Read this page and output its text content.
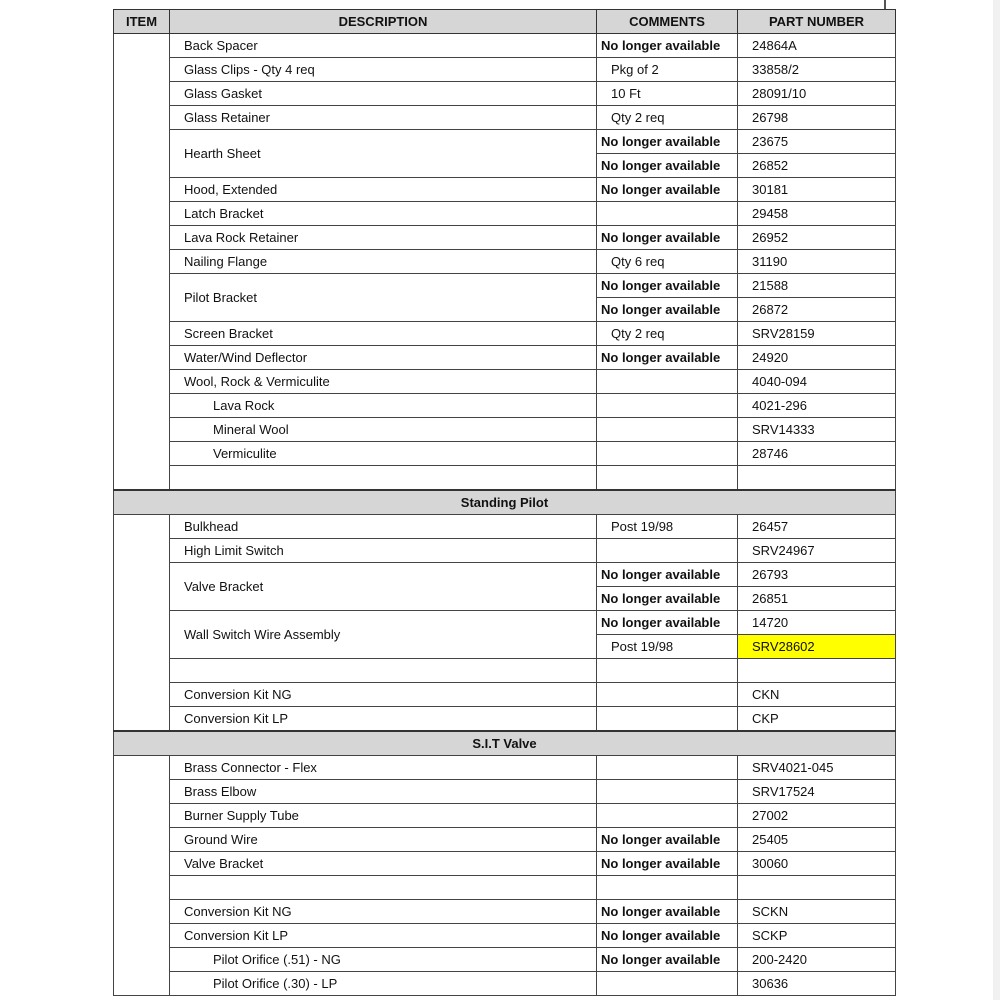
ITEM	DESCRIPTION	COMMENTS	PART NUMBER
	Back Spacer	No longer available	24864A
	Glass Clips - Qty 4 req	Pkg of 2	33858/2
	Glass Gasket	10 Ft	28091/10
	Glass Retainer	Qty 2 req	26798
	Hearth Sheet	No longer available	23675
		No longer available	26852
	Hood, Extended	No longer available	30181
	Latch Bracket		29458
	Lava Rock Retainer	No longer available	26952
	Nailing Flange	Qty 6 req	31190
	Pilot Bracket	No longer available	21588
		No longer available	26872
	Screen Bracket	Qty 2 req	SRV28159
	Water/Wind Deflector	No longer available	24920
	Wool, Rock & Vermiculite		4040-094
	Lava Rock		4021-296
	Mineral Wool		SRV14333
	Vermiculite		28746

Standing Pilot			
	Bulkhead	Post 19/98	26457
	High Limit Switch		SRV24967
	Valve Bracket	No longer available	26793
		No longer available	26851
	Wall Switch Wire Assembly	No longer available	14720
		Post 19/98	SRV28602

	Conversion Kit NG		CKN
	Conversion Kit LP		CKP
S.I.T Valve			
	Brass Connector - Flex		SRV4021-045
	Brass Elbow		SRV17524
	Burner Supply Tube		27002
	Ground Wire	No longer available	25405
	Valve Bracket	No longer available	30060

	Conversion Kit NG	No longer available	SCKN
	Conversion Kit LP	No longer available	SCKP
	Pilot Orifice (.51) - NG	No longer available	200-2420
	Pilot Orifice (.30) - LP		30636
